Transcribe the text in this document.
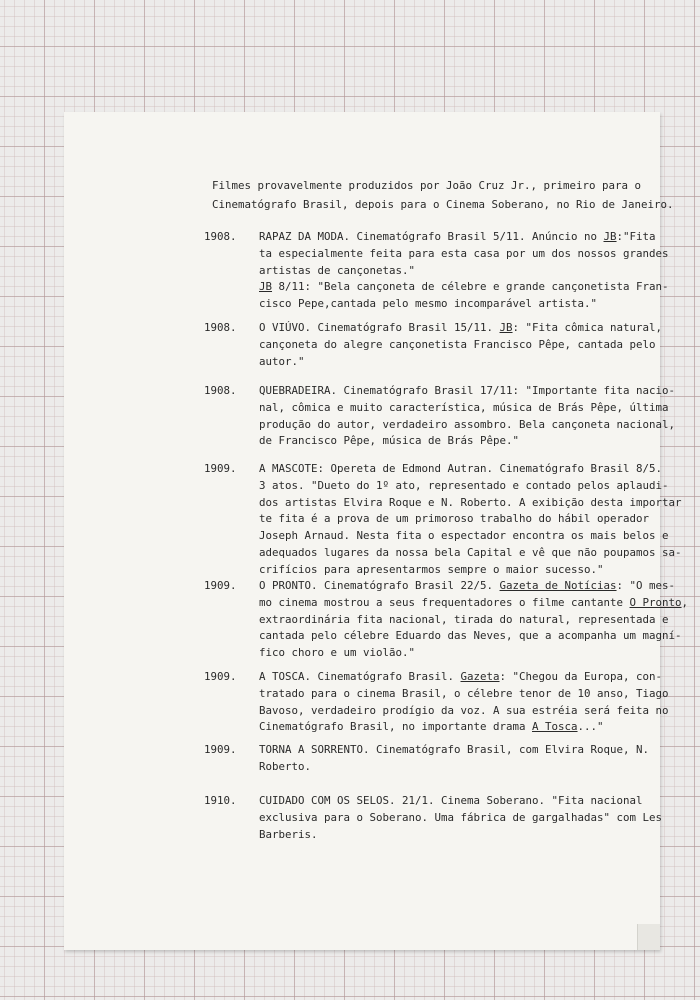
Filmes provavelmente produzidos por João Cruz Jr., primeiro para o
Cinematógrafo Brasil, depois para o Cinema Soberano, no Rio de Janeiro.

1908. RAPAZ DA MODA. Cinematógrafo Brasil 5/11. Anúncio no JB:"Fita
ta especialmente feita para esta casa por um dos nossos grandes
artistas de cançonetas."
JB 8/11: "Bela cançoneta de célebre e grande cançonetista Fran-
cisco Pepe,cantada pelo mesmo incomparável artista."
1908. O VIÚVO. Cinematógrafo Brasil 15/11. JB: "Fita cômica natural,
cançoneta do alegre cançonetista Francisco Pêpe, cantada pelo
autor."
1908. QUEBRADEIRA. Cinematógrafo Brasil 17/11: "Importante fita nacio-
nal, cômica e muito característica, música de Brás Pêpe, última
produção do autor, verdadeiro assombro. Bela cançoneta nacional,
de Francisco Pêpe, música de Brás Pêpe."
1909. A MASCOTE: Opereta de Edmond Autran. Cinematógrafo Brasil 8/5.
3 atos. "Dueto do 1º ato, representado e contado pelos aplaudi-
dos artistas Elvira Roque e N. Roberto. A exibição desta importar
te fita é a prova de um primoroso trabalho do hábil operador
Joseph Arnaud. Nesta fita o espectador encontra os mais belos e
adequados lugares da nossa bela Capital e vê que não poupamos sa-
crifícios para apresentarmos sempre o maior sucesso."
1909. O PRONTO. Cinematógrafo Brasil 22/5. Gazeta de Notícias: "O mes-
mo cinema mostrou a seus frequentadores o filme cantante O Pronto,
extraordinária fita nacional, tirada do natural, representada e
cantada pelo célebre Eduardo das Neves, que a acompanha um magní-
fico choro e um violão."
1909. A TOSCA. Cinematógrafo Brasil. Gazeta: "Chegou da Europa, con-
tratado para o cinema Brasil, o célebre tenor de 10 anso, Tiago
Bavoso, verdadeiro prodígio da voz. A sua estréia será feita no
Cinematógrafo Brasil, no importante drama A Tosca..."
1909. TORNA A SORRENTO. Cinematógrafo Brasil, com Elvira Roque, N.
Roberto.
1910. CUIDADO COM OS SELOS. 21/1. Cinema Soberano. "Fita nacional
exclusiva para o Soberano. Uma fábrica de gargalhadas" com Les
Barberis.
